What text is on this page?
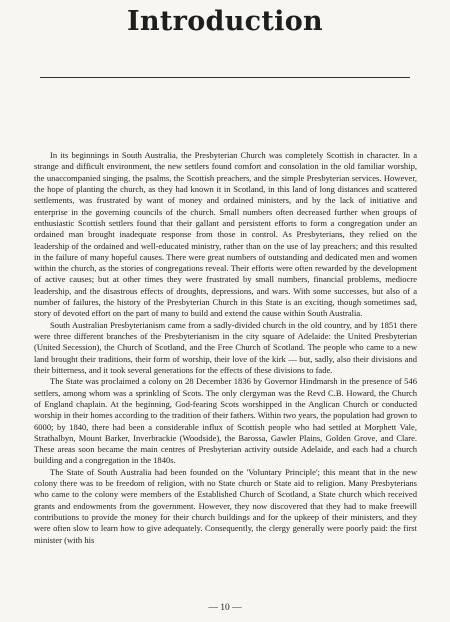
Introduction

In its beginnings in South Australia, the Presbyterian Church was completely Scottish in character. In a strange and difficult environment, the new settlers found comfort and consolation in the old familiar worship, the unaccompanied singing, the psalms, the Scottish preachers, and the simple Presbyterian services. However, the hope of planting the church, as they had known it in Scotland, in this land of long distances and scattered settlements, was frustrated by want of money and ordained ministers, and by the lack of initiative and enterprise in the governing councils of the church. Small numbers often decreased further when groups of enthusiastic Scottish settlers found that their gallant and persistent efforts to form a congregation under an ordained man brought inadequate response from those in control. As Presbyterians, they relied on the leadership of the ordained and well-educated ministry, rather than on the use of lay preachers; and this resulted in the failure of many hopeful causes. There were great numbers of outstanding and dedicated men and women within the church, as the stories of congregations reveal. Their efforts were often rewarded by the development of active causes; but at other times they were frustrated by small numbers, financial problems, mediocre leadership, and the disastrous effects of droughts, depressions, and wars. With some successes, but also of a number of failures, the history of the Presbyterian Church in this State is an exciting, though sometimes sad, story of devoted effort on the part of many to build and extend the cause within South Australia.

South Australian Presbyterianism came from a sadly-divided church in the old country, and by 1851 there were three different branches of the Presbyterianism in the city square of Adelaide: the United Presbyterian (United Secession), the Church of Scotland, and the Free Church of Scotland. The people who came to a new land brought their traditions, their form of worship, their love of the kirk — but, sadly, also their divisions and their bitterness, and it took several generations for the effects of these divisions to fade.

The State was proclaimed a colony on 28 December 1836 by Governor Hindmarsh in the presence of 546 settlers, among whom was a sprinkling of Scots. The only clergyman was the Revd C.B. Howard, the Church of England chaplain. At the beginning, God-fearing Scots worshipped in the Anglican Church or conducted worship in their homes according to the tradition of their fathers. Within two years, the population had grown to 6000; by 1840, there had been a considerable influx of Scottish people who had settled at Morphett Vale, Strathalbyn, Mount Barker, Inverbrackie (Woodside), the Barossa, Gawler Plains, Golden Grove, and Clare. These areas soon became the main centres of Presbyterian activity outside Adelaide, and each had a church building and a congregation in the 1840s.

The State of South Australia had been founded on the 'Voluntary Principle'; this meant that in the new colony there was to be freedom of religion, with no State church or State aid to religion. Many Presbyterians who came to the colony were members of the Established Church of Scotland, a State church which received grants and endowments from the government. However, they now discovered that they had to make freewill contributions to provide the money for their church buildings and for the upkeep of their ministers, and they were often slow to learn how to give adequately. Consequently, the clergy generally were poorly paid: the first minister (with his

— 10 —
